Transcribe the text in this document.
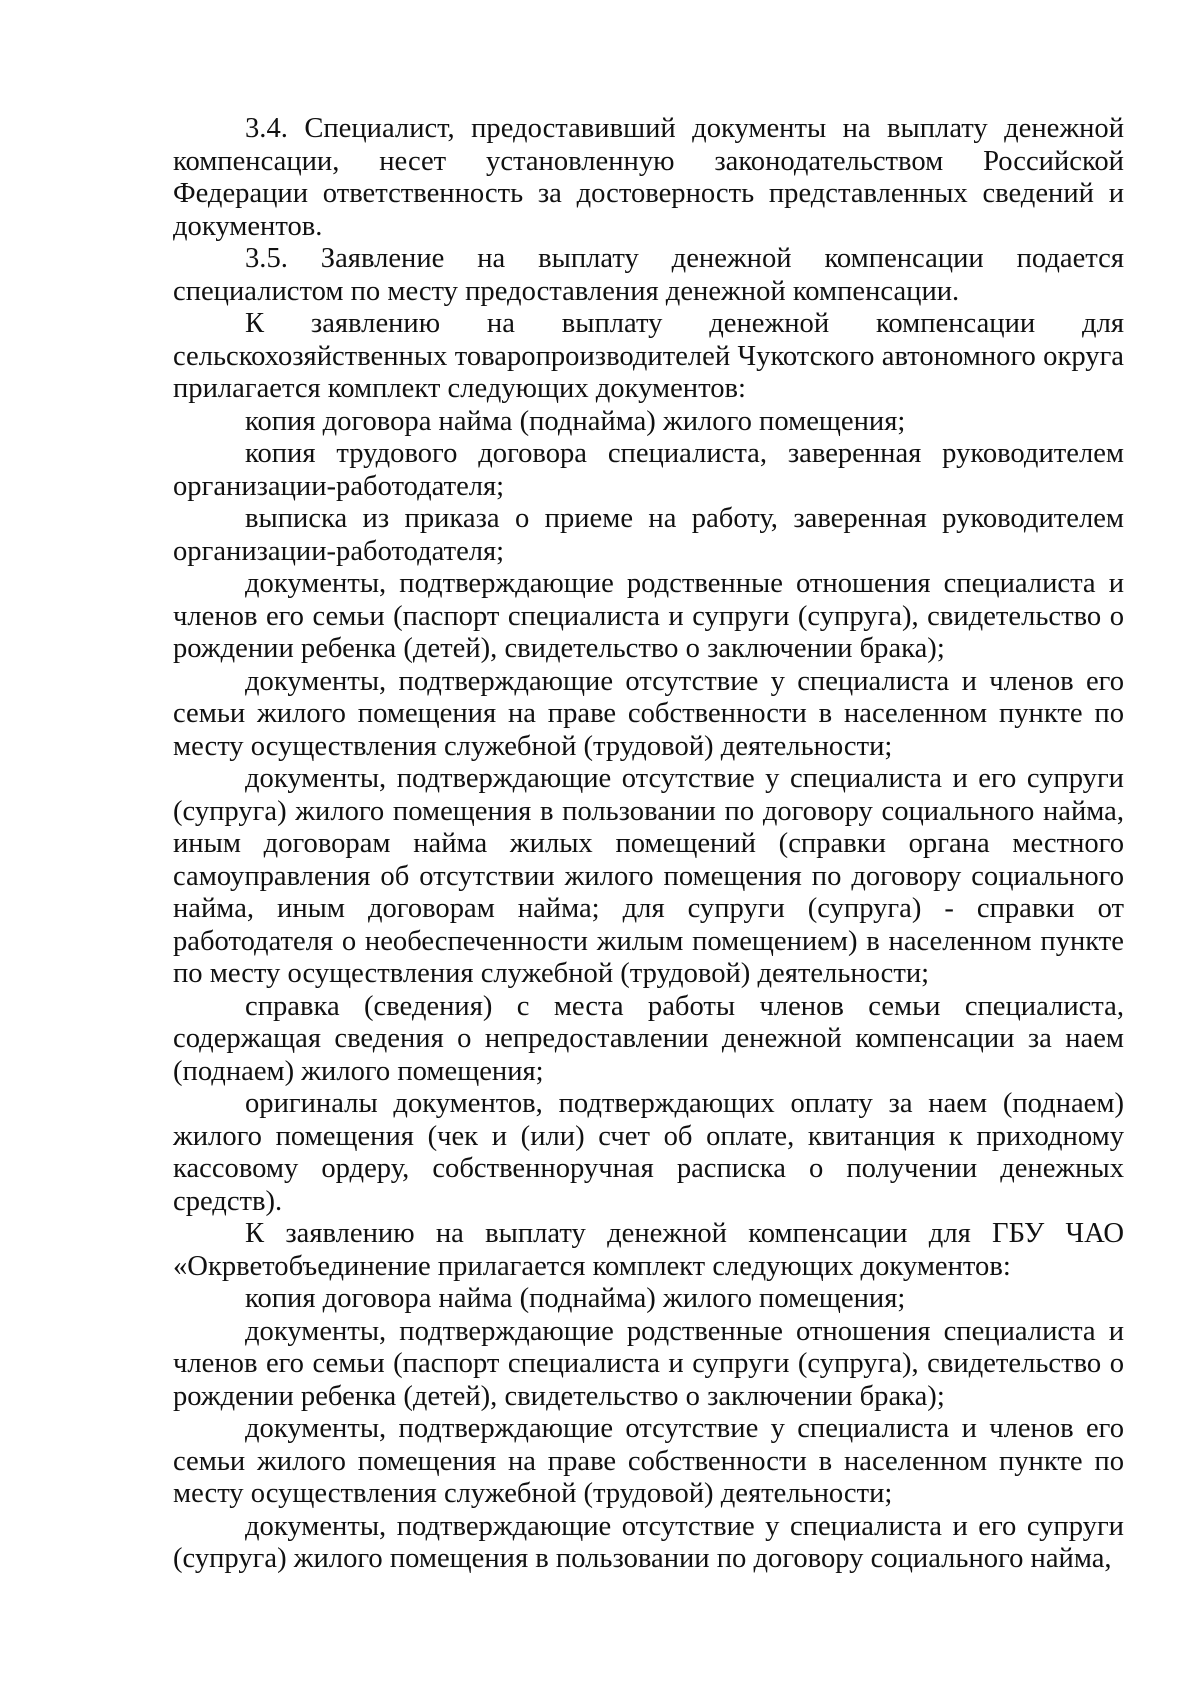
3.4. Специалист, предоставивший документы на выплату денежной компенсации, несет установленную законодательством Российской Федерации ответственность за достоверность представленных сведений и документов.

3.5. Заявление на выплату денежной компенсации подается специалистом по месту предоставления денежной компенсации.

К заявлению на выплату денежной компенсации для сельскохозяйственных товаропроизводителей Чукотского автономного округа прилагается комплект следующих документов:

копия договора найма (поднайма) жилого помещения;

копия трудового договора специалиста, заверенная руководителем организации-работодателя;

выписка из приказа о приеме на работу, заверенная руководителем организации-работодателя;

документы, подтверждающие родственные отношения специалиста и членов его семьи (паспорт специалиста и супруги (супруга), свидетельство о рождении ребенка (детей), свидетельство о заключении брака);

документы, подтверждающие отсутствие у специалиста и членов его семьи жилого помещения на праве собственности в населенном пункте по месту осуществления служебной (трудовой) деятельности;

документы, подтверждающие отсутствие у специалиста и его супруги (супруга) жилого помещения в пользовании по договору социального найма, иным договорам найма жилых помещений (справки органа местного самоуправления об отсутствии жилого помещения по договору социального найма, иным договорам найма; для супруги (супруга) - справки от работодателя о необеспеченности жилым помещением) в населенном пункте по месту осуществления служебной (трудовой) деятельности;

справка (сведения) с места работы членов семьи специалиста, содержащая сведения о непредоставлении денежной компенсации за наем (поднаем) жилого помещения;

оригиналы документов, подтверждающих оплату за наем (поднаем) жилого помещения (чек и (или) счет об оплате, квитанция к приходному кассовому ордеру, собственноручная расписка о получении денежных средств).

К заявлению на выплату денежной компенсации для ГБУ ЧАО «Окрветобъединение прилагается комплект следующих документов:

копия договора найма (поднайма) жилого помещения;

документы, подтверждающие родственные отношения специалиста и членов его семьи (паспорт специалиста и супруги (супруга), свидетельство о рождении ребенка (детей), свидетельство о заключении брака);

документы, подтверждающие отсутствие у специалиста и членов его семьи жилого помещения на праве собственности в населенном пункте по месту осуществления служебной (трудовой) деятельности;

документы, подтверждающие отсутствие у специалиста и его супруги (супруга) жилого помещения в пользовании по договору социального найма,
